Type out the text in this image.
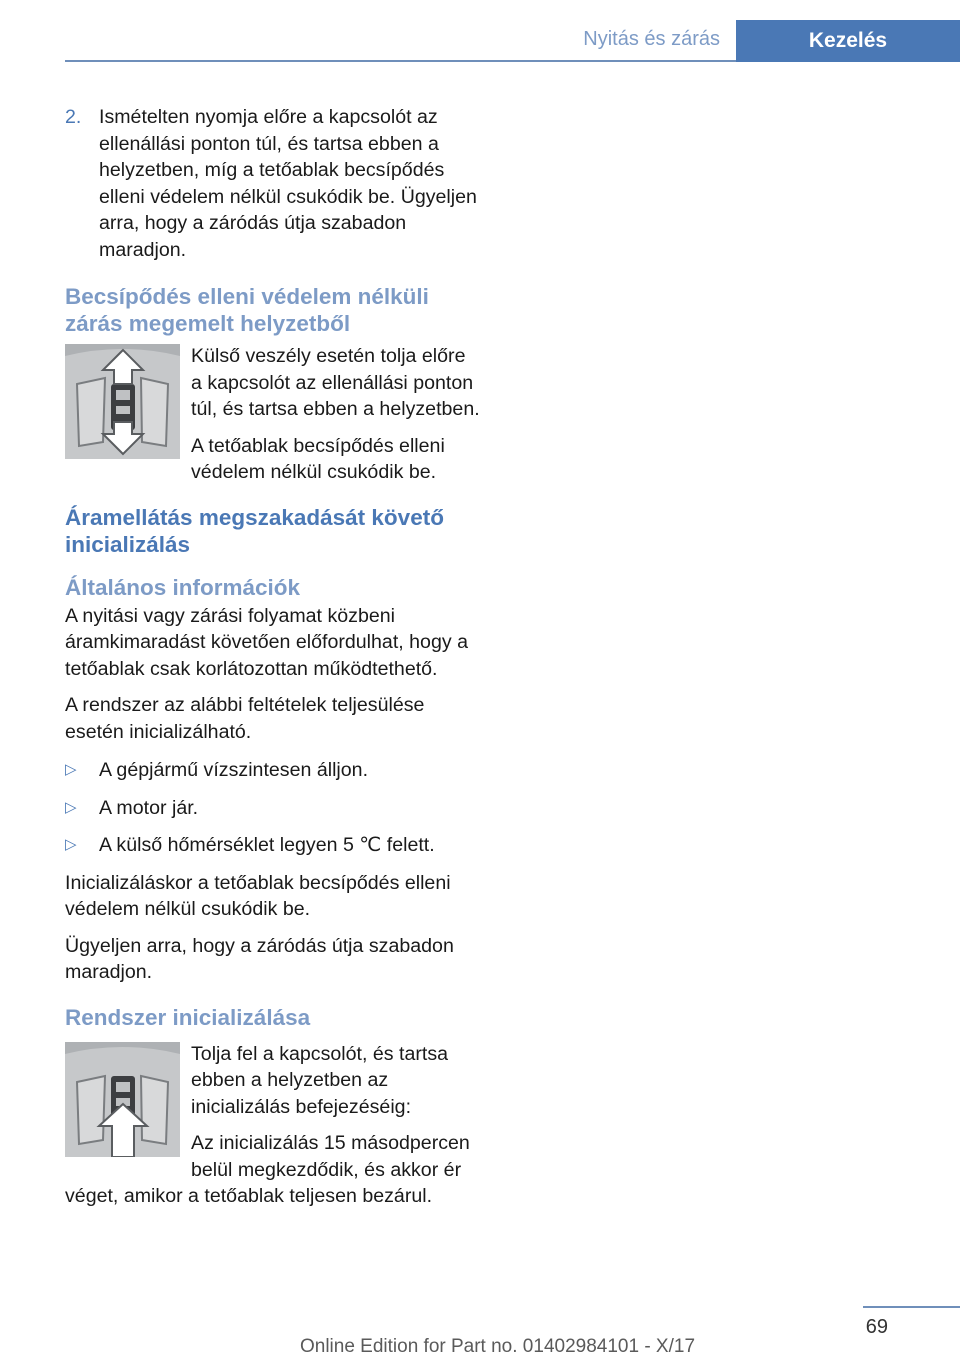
Nyitás és zárás	Kezelés
2. Ismételten nyomja előre a kapcsolót az ellenállási ponton túl, és tartsa ebben a helyzetben, míg a tetőablak becsípődés elleni védelem nélkül csukódik be. Ügyeljen arra, hogy a záródás útja szabadon maradjon.
Becsípődés elleni védelem nélküli zárás megemelt helyzetből

Külső veszély esetén tolja előre a kapcsolót az ellenállási ponton túl, és tartsa ebben a helyzetben.

A tetőablak becsípődés elleni védelem nélkül csukódik be.

Áramellátás megszakadását követő inicializálás
Általános információk

A nyitási vagy zárási folyamat közbeni áramkimaradást követően előfordulhat, hogy a tetőablak csak korlátozottan működtethető.

A rendszer az alábbi feltételek teljesülése esetén inicializálható.

▷	A gépjármű vízszintesen álljon.
▷	A motor jár.
▷	A külső hőmérséklet legyen 5 ℃ felett.

Inicializáláskor a tetőablak becsípődés elleni védelem nélkül csukódik be.

Ügyeljen arra, hogy a záródás útja szabadon maradjon.

Rendszer inicializálása

Tolja fel a kapcsolót, és tartsa ebben a helyzetben az inicializálás befejezéséig:

Az inicializálás 15 másodpercen belül megkezdődik, és akkor ér véget, amikor a tetőablak teljesen bezárul.

69
Online Edition for Part no. 01402984101 - X/17
